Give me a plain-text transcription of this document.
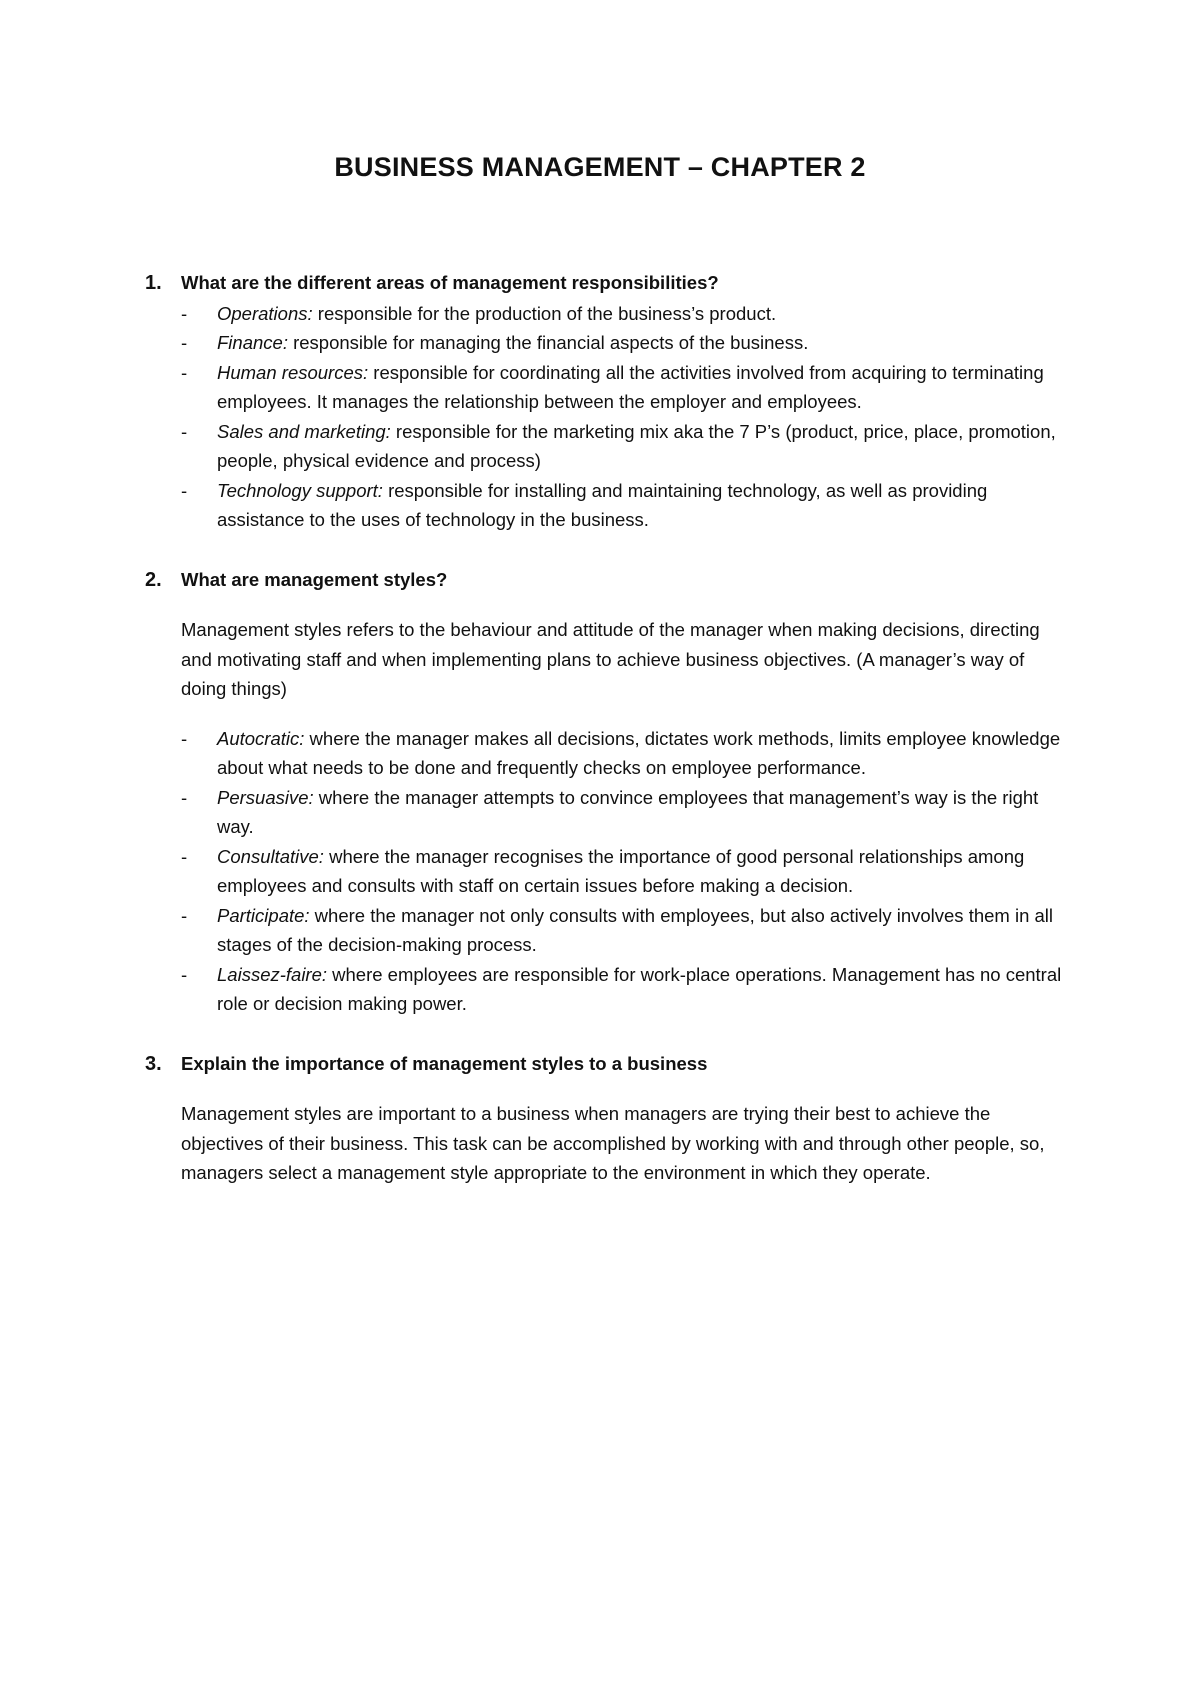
BUSINESS MANAGEMENT – CHAPTER 2
1.	What are the different areas of management responsibilities?
- Operations: responsible for the production of the business’s product.
- Finance: responsible for managing the financial aspects of the business.
- Human resources: responsible for coordinating all the activities involved from acquiring to terminating employees. It manages the relationship between the employer and employees.
- Sales and marketing: responsible for the marketing mix aka the 7 P’s (product, price, place, promotion, people, physical evidence and process)
- Technology support: responsible for installing and maintaining technology, as well as providing assistance to the uses of technology in the business.
2.	What are management styles?

Management styles refers to the behaviour and attitude of the manager when making decisions, directing and motivating staff and when implementing plans to achieve business objectives. (A manager’s way of doing things)

- Autocratic: where the manager makes all decisions, dictates work methods, limits employee knowledge about what needs to be done and frequently checks on employee performance.
- Persuasive: where the manager attempts to convince employees that management’s way is the right way.
- Consultative: where the manager recognises the importance of good personal relationships among employees and consults with staff on certain issues before making a decision.
- Participate: where the manager not only consults with employees, but also actively involves them in all stages of the decision-making process.
- Laissez-faire: where employees are responsible for work-place operations. Management has no central role or decision making power.
3.	Explain the importance of management styles to a business

Management styles are important to a business when managers are trying their best to achieve the objectives of their business. This task can be accomplished by working with and through other people, so, managers select a management style appropriate to the environment in which they operate.
